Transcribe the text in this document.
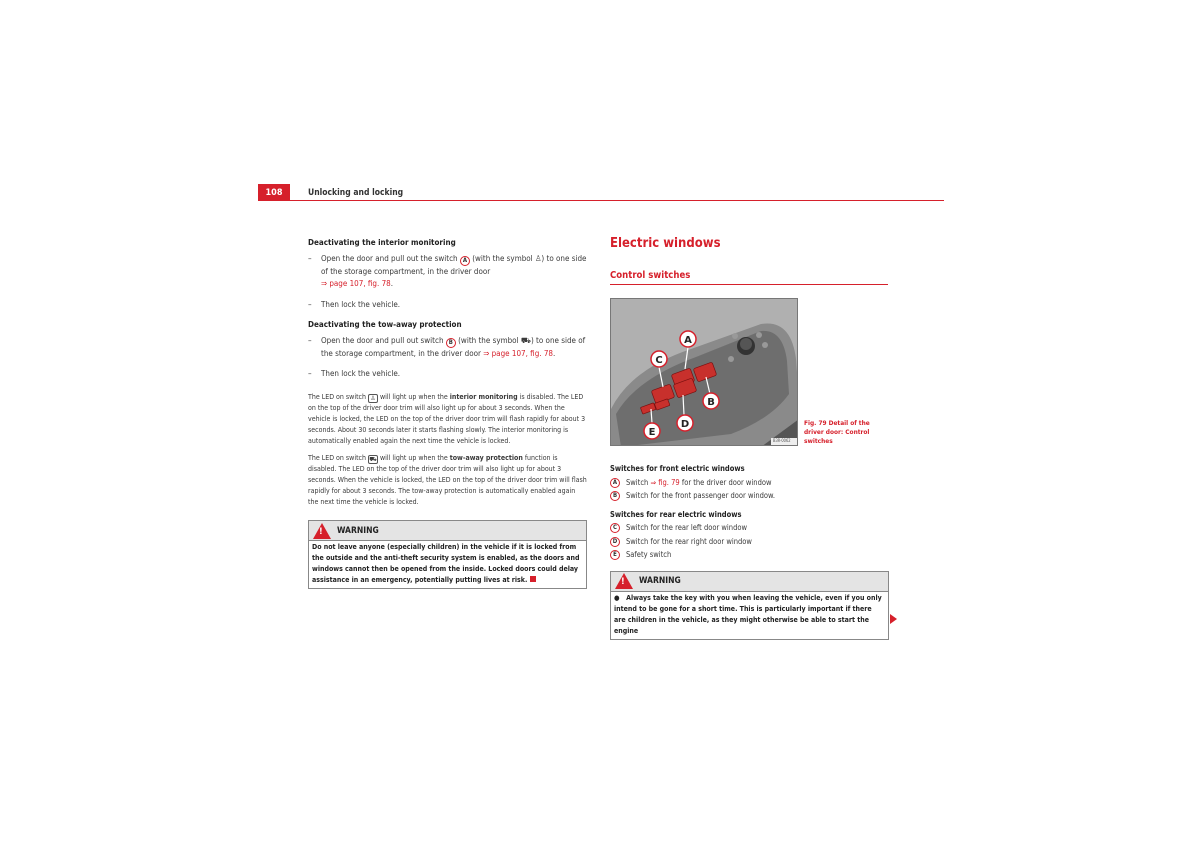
108	Unlocking and locking
Deactivating the interior monitoring
–	Open the door and pull out the switch A (with the symbol ♙) to one side of the storage compartment, in the driver door
⇒ page 107, fig. 78.
–	Then lock the vehicle.
Deactivating the tow-away protection
–	Open the door and pull out switch B (with the symbol ⛟) to one side of the storage compartment, in the driver door ⇒ page 107, fig. 78.
–	Then lock the vehicle.

The LED on switch ♙ will light up when the interior monitoring is disabled. The LED on the top of the driver door trim will also light up for about 3 seconds. When the vehicle is locked, the LED on the top of the driver door trim will flash rapidly for about 3 seconds. About 30 seconds later it starts flashing slowly. The interior monitoring is automatically enabled again the next time the vehicle is locked.

The LED on switch ⛟ will light up when the tow-away protection function is disabled. The LED on the top of the driver door trim will also light up for about 3 seconds. When the vehicle is locked, the LED on the top of the driver door trim will flash rapidly for about 3 seconds. The tow-away protection is automatically enabled again the next time the vehicle is locked.

!
WARNING
Do not leave anyone (especially children) in the vehicle if it is locked from the outside and the anti-theft security system is enabled, as the doors and windows cannot then be opened from the inside. Locked doors could delay assistance in an emergency, potentially putting lives at risk.
Electric windows
Control switches
A
B
C
D
E
B3R-0062
Fig. 79 Detail of the driver door: Control switches
Switches for front electric windows
A	Switch
⇒ fig. 79
for the driver door window
B	Switch for the front passenger door window.
Switches for rear electric windows
C	Switch for the rear left door window
D	Switch for the rear right door window
E	Safety switch
!
WARNING
● Always take the key with you when leaving the vehicle, even if you only intend to be gone for a short time. This is particularly important if there are children in the vehicle, as they might otherwise be able to start the engine
